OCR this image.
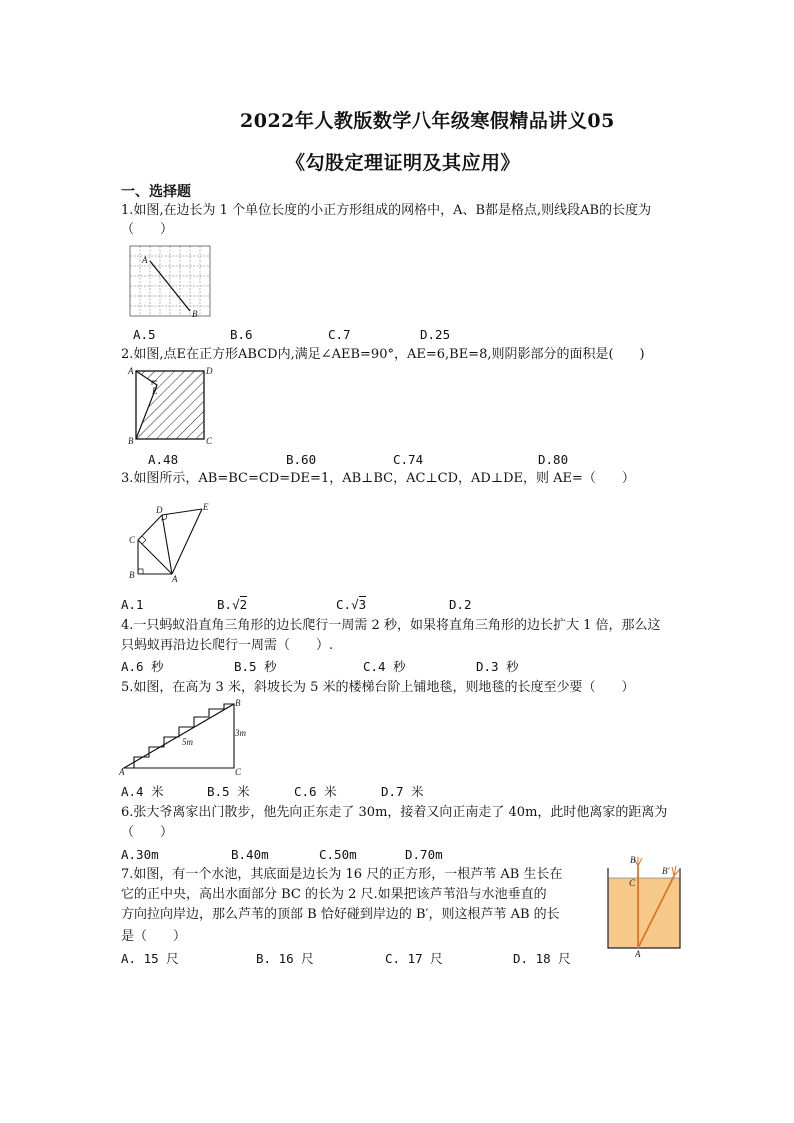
2022年人教版数学八年级寒假精品讲义05
《勾股定理证明及其应用》
一、选择题
1.如图,在边长为 1 个单位长度的小正方形组成的网格中，A、B都是格点,则线段AB的长度为
（　　）
A
B
A.5	B.6	C.7	D.25
2.如图,点E在正方形ABCD内,满足∠AEB=90°，AE=6,BE=8,则阴影部分的面积是(　　)
A	D
B	C
E
A.48	B.60	C.74	D.80
3.如图所示，AB=BC=CD=DE=1，AB⊥BC，AC⊥CD，AD⊥DE，则 AE=（　　）
B	A
C
D	E
A.1	B.√2	C.√3	D.2
4.一只蚂蚁沿直角三角形的边长爬行一周需 2 秒，如果将直角三角形的边长扩大 1 倍，那么这
只蚂蚁再沿边长爬行一周需（　　）.
A.6 秒	B.5 秒	C.4 秒	D.3 秒
5.如图，在高为 3 米，斜坡长为 5 米的楼梯台阶上铺地毯，则地毯的长度至少要（　　）
A	C
B
5m
3m
A.4 米	B.5 米	C.6 米	D.7 米
6.张大爷离家出门散步，他先向正东走了 30m，接着又向正南走了 40m，此时他离家的距离为
（　　）
A.30m	B.40m	C.50m	D.70m
7.如图，有一个水池，其底面是边长为 16 尺的正方形，一根芦苇 AB 生长在
它的正中央，高出水面部分 BC 的长为 2 尺.如果把该芦苇沿与水池垂直的
方向拉向岸边，那么芦苇的顶部 B 恰好碰到岸边的 B′，则这根芦苇 AB 的长
是（　　）
B
B′
C
A
A. 15 尺	B. 16 尺	C. 17 尺	D. 18 尺
